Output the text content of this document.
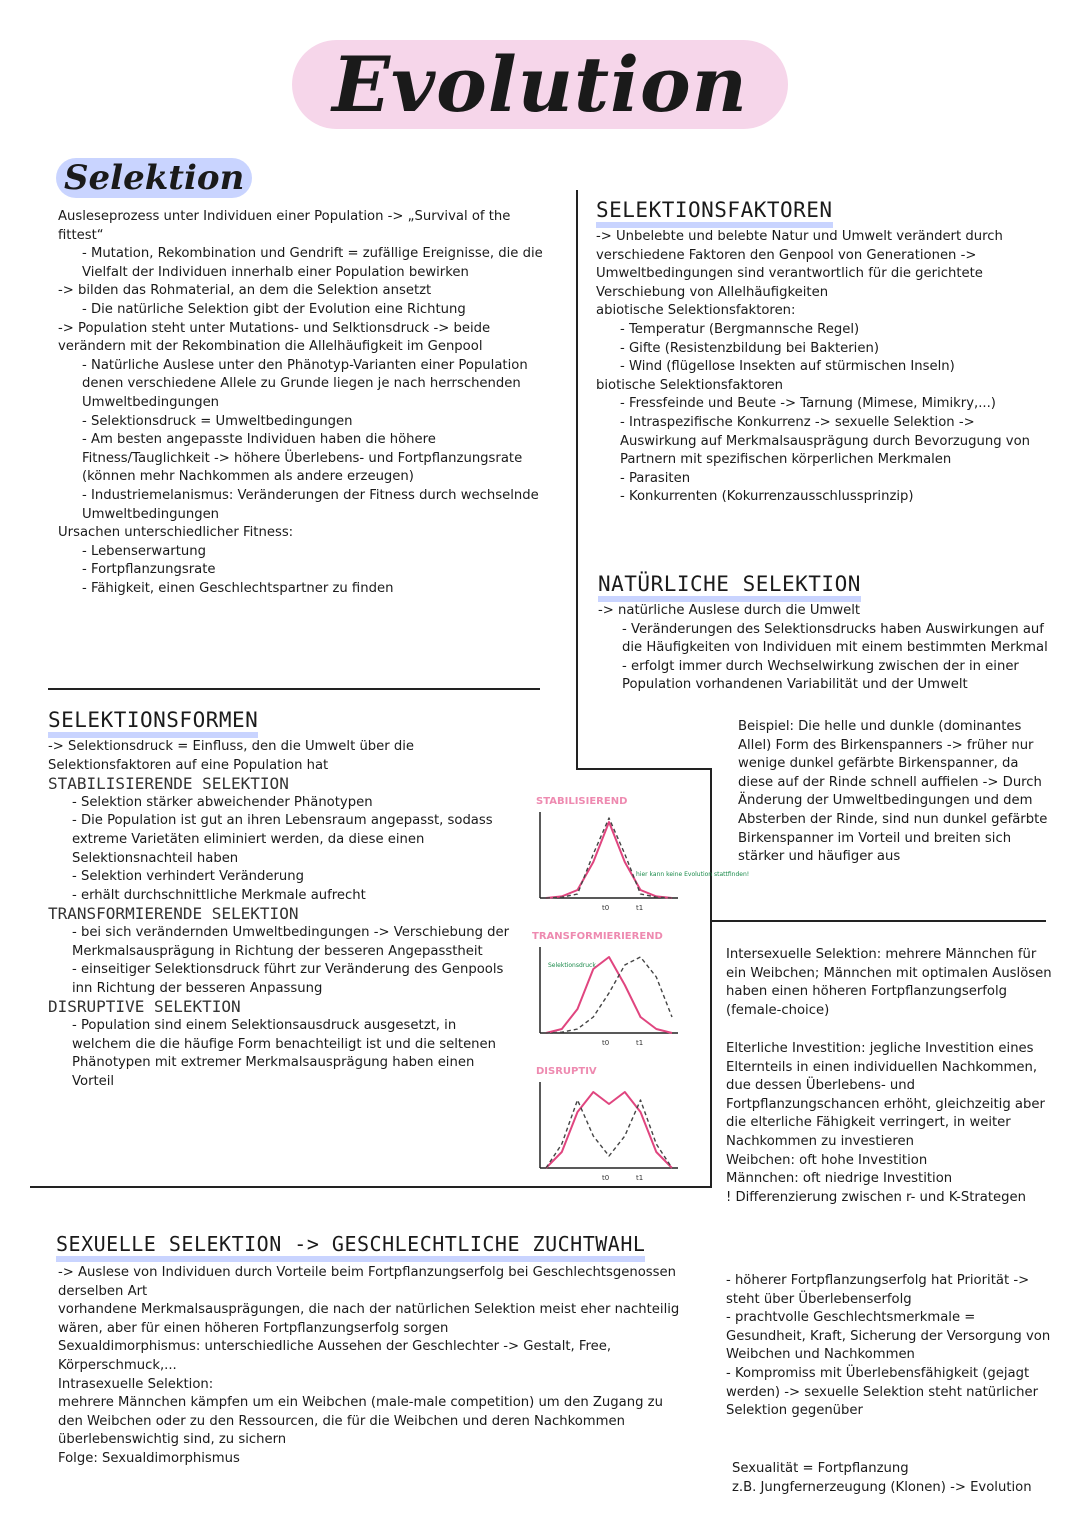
Evolution
Selektion

Ausleseprozess unter Individuen einer Population -> „Survival of the fittest“

- Mutation, Rekombination und Gendrift = zufällige Ereignisse, die die Vielfalt der Individuen innerhalb einer Population bewirken

-> bilden das Rohmaterial, an dem die Selektion ansetzt

- Die natürliche Selektion gibt der Evolution eine Richtung

-> Population steht unter Mutations- und Selktionsdruck -> beide verändern mit der Rekombination die Allelhäufigkeit im Genpool

- Natürliche Auslese unter den Phänotyp-Varianten einer Population denen verschiedene Allele zu Grunde liegen je nach herrschenden Umweltbedingungen

- Selektionsdruck = Umweltbedingungen

- Am besten angepasste Individuen haben die höhere Fitness/Tauglichkeit -> höhere Überlebens- und Fortpflanzungsrate (können mehr Nachkommen als andere erzeugen)

- Industriemelanismus: Veränderungen der Fitness durch wechselnde Umweltbedingungen

Ursachen unterschiedlicher Fitness:

- Lebenserwartung

- Fortpflanzungsrate

- Fähigkeit, einen Geschlechtspartner zu finden

SELEKTIONSFAKTOREN

-> Unbelebte und belebte Natur und Umwelt verändert durch verschiedene Faktoren den Genpool von Generationen -> Umweltbedingungen sind verantwortlich für die gerichtete Verschiebung von Allelhäufigkeiten

abiotische Selektionsfaktoren:

- Temperatur (Bergmannsche Regel)

- Gifte (Resistenzbildung bei Bakterien)

- Wind (flügellose Insekten auf stürmischen Inseln)

biotische Selektionsfaktoren

- Fressfeinde und Beute -> Tarnung (Mimese, Mimikry,...)

- Intraspezifische Konkurrenz -> sexuelle Selektion -> Auswirkung auf Merkmalsausprägung durch Bevorzugung von Partnern mit spezifischen körperlichen Merkmalen

- Parasiten

- Konkurrenten (Kokurrenzausschlussprinzip)

NATÜRLICHE SELEKTION

-> natürliche Auslese durch die Umwelt

- Veränderungen des Selektionsdrucks haben Auswirkungen auf die Häufigkeiten von Individuen mit einem bestimmten Merkmal

- erfolgt immer durch Wechselwirkung zwischen der in einer Population vorhandenen Variabilität und der Umwelt

Beispiel: Die helle und dunkle (dominantes Allel) Form des Birkenspanners -> früher nur wenige dunkel gefärbte Birkenspanner, da diese auf der Rinde schnell auffielen -> Durch Änderung der Umweltbedingungen und dem Absterben der Rinde, sind nun dunkel gefärbte Birkenspanner im Vorteil und breiten sich stärker und häufiger aus

SELEKTIONSFORMEN

-> Selektionsdruck = Einfluss, den die Umwelt über die Selektionsfaktoren auf eine Population hat

STABILISIERENDE SELEKTION

- Selektion stärker abweichender Phänotypen

- Die Population ist gut an ihren Lebensraum angepasst, sodass extreme Varietäten eliminiert werden, da diese einen Selektionsnachteil haben

- Selektion verhindert Veränderung

- erhält durchschnittliche Merkmale aufrecht

TRANSFORMIERENDE SELEKTION

- bei sich verändernden Umweltbedingungen -> Verschiebung der Merkmalsausprägung in Richtung der besseren Angepasstheit

- einseitiger Selektionsdruck führt zur Veränderung des Genpools inn Richtung der besseren Anpassung

DISRUPTIVE SELEKTION

- Population sind einem Selektionsausdruck ausgesetzt, in welchem die die häufige Form benachteiligt ist und die seltenen Phänotypen mit extremer Merkmalsausprägung haben einen Vorteil

STABILISIEREND
t0	t1
hier kann keine Evolution stattfinden!
TRANSFORMIERIEREND
t0	t1
Selektionsdruck
DISRUPTIV
t0	t1
SEXUELLE SELEKTION -> GESCHLECHTLICHE ZUCHTWAHL

-> Auslese von Individuen durch Vorteile beim Fortpflanzungserfolg bei Geschlechtsgenossen derselben Art

vorhandene Merkmalsausprägungen, die nach der natürlichen Selektion meist eher nachteilig wären, aber für einen höheren Fortpflanzungserfolg sorgen

Sexualdimorphismus: unterschiedliche Aussehen der Geschlechter -> Gestalt, Free, Körperschmuck,...

Intrasexuelle Selektion:

mehrere Männchen kämpfen um ein Weibchen (male-male competition) um den Zugang zu den Weibchen oder zu den Ressourcen, die für die Weibchen und deren Nachkommen überlebenswichtig sind, zu sichern

Folge: Sexualdimorphismus

Intersexuelle Selektion: mehrere Männchen für ein Weibchen; Männchen mit optimalen Auslösen haben einen höheren Fortpflanzungserfolg (female-choice)

Elterliche Investition: jegliche Investition eines Elternteils in einen individuellen Nachkommen, due dessen Überlebens- und Fortpflanzungschancen erhöht, gleichzeitig aber die elterliche Fähigkeit verringert, in weiter Nachkommen zu investieren

Weibchen: oft hohe Investition

Männchen: oft niedrige Investition

! Differenzierung zwischen r- und K-Strategen

- höherer Fortpflanzungserfolg hat Priorität -> steht über Überlebenserfolg

- prachtvolle Geschlechtsmerkmale = Gesundheit, Kraft, Sicherung der Versorgung von Weibchen und Nachkommen

- Kompromiss mit Überlebensfähigkeit (gejagt werden) -> sexuelle Selektion steht natürlicher Selektion gegenüber

Sexualität = Fortpflanzung

z.B. Jungfernerzeugung (Klonen) -> Evolution
